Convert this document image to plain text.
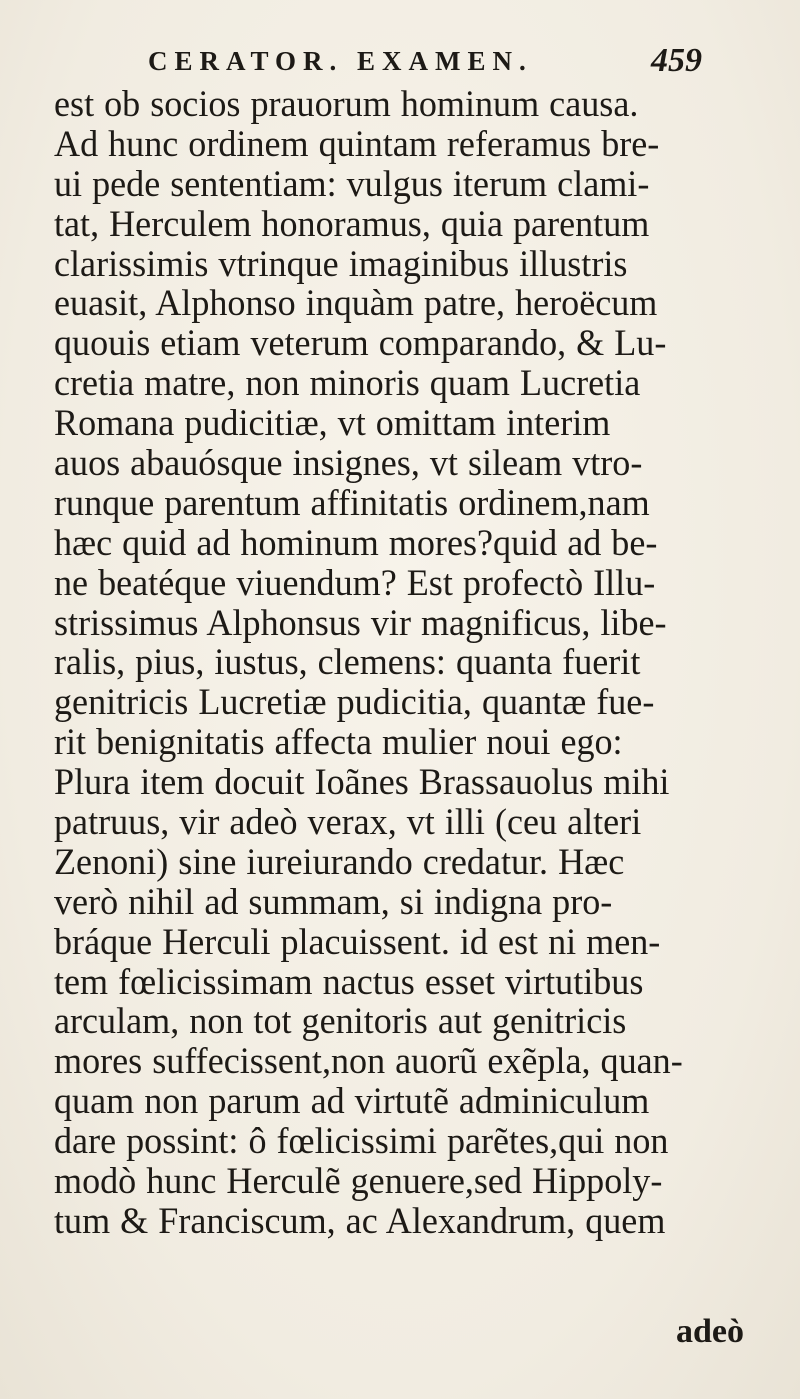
CERATOR. EXAMEN.	459
est ob socios prauorum hominum causa.
Ad hunc ordinem quintam referamus bre-
ui pede sententiam: vulgus iterum clami-
tat, Herculem honoramus, quia parentum
clarissimis vtrinque imaginibus illustris
euasit, Alphonso inquàm patre, heroëcum
quouis etiam veterum comparando, & Lu-
cretia matre, non minoris quam Lucretia
Romana pudicitiæ, vt omittam interim
auos abauósque insignes, vt sileam vtro-
runque parentum affinitatis ordinem,nam
hæc quid ad hominum mores?quid ad be-
ne beatéque viuendum? Est profectò Illu-
strissimus Alphonsus vir magnificus, libe-
ralis, pius, iustus, clemens: quanta fuerit
genitricis Lucretiæ pudicitia, quantæ fue-
rit benignitatis affecta mulier noui ego:
Plura item docuit Ioãnes Brassauolus mihi
patruus, vir adeò verax, vt illi (ceu alteri
Zenoni) sine iureiurando credatur. Hæc
verò nihil ad summam, si indigna pro-
bráque Herculi placuissent. id est ni men-
tem fœlicissimam nactus esset virtutibus
arculam, non tot genitoris aut genitricis
mores suffecissent,non auorũ exẽpla, quan-
quam non parum ad virtutẽ adminiculum
dare possint: ô fœlicissimi parẽtes,qui non
modò hunc Herculẽ genuere,sed Hippoly-
tum & Franciscum, ac Alexandrum, quem
adeò
